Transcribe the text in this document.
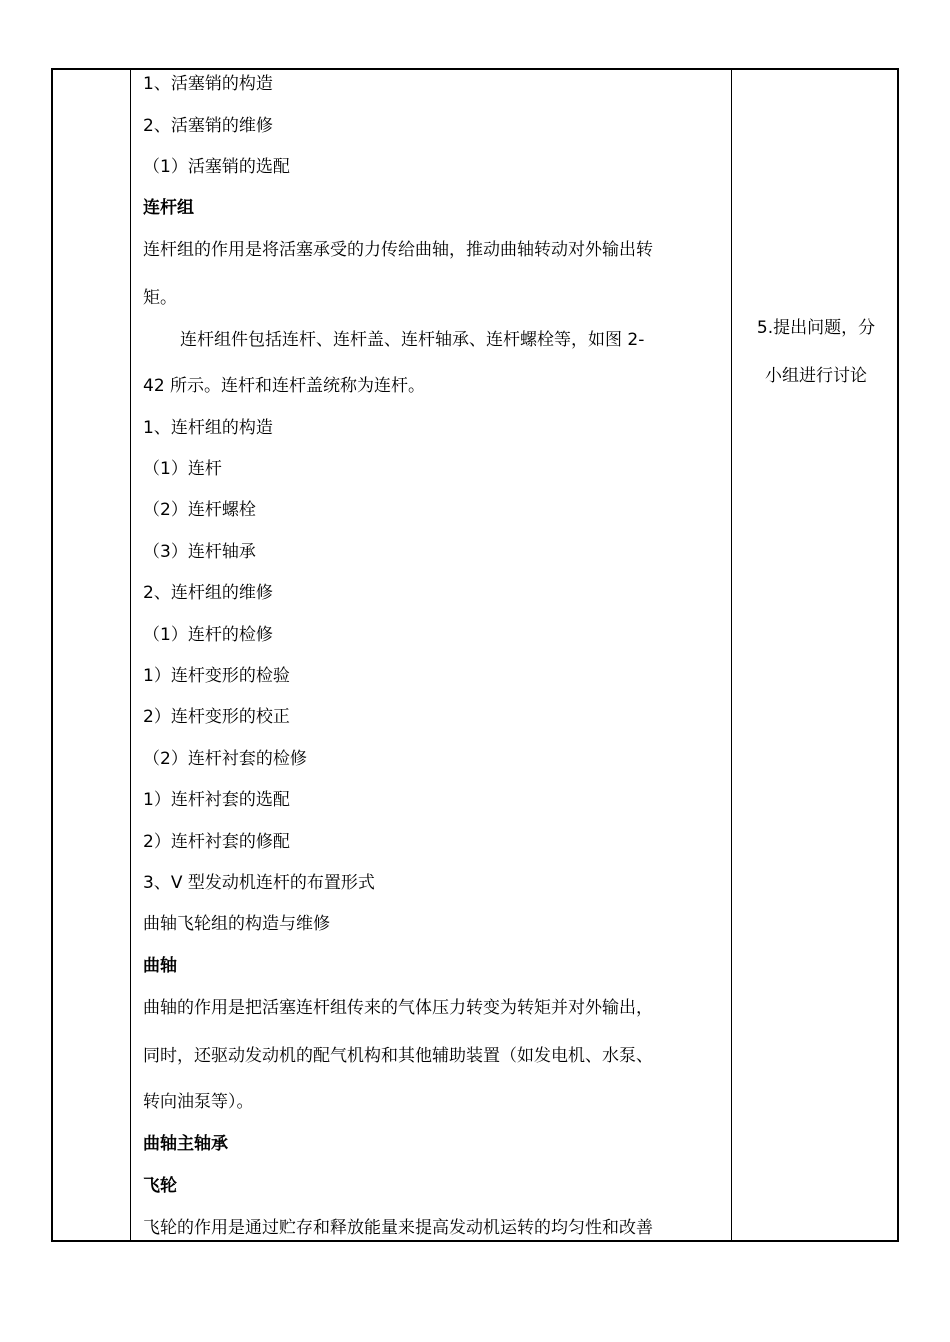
1、活塞销的构造
2、活塞销的维修
（1）活塞销的选配
连杆组
连杆组的作用是将活塞承受的力传给曲轴，推动曲轴转动对外输出转
矩。
连杆组件包括连杆、连杆盖、连杆轴承、连杆螺栓等，如图 2-
42 所示。连杆和连杆盖统称为连杆。
1、连杆组的构造
（1）连杆
（2）连杆螺栓
（3）连杆轴承
2、连杆组的维修
（1）连杆的检修
1）连杆变形的检验
2）连杆变形的校正
（2）连杆衬套的检修
1）连杆衬套的选配
2）连杆衬套的修配
3、V 型发动机连杆的布置形式
曲轴飞轮组的构造与维修
曲轴
曲轴的作用是把活塞连杆组传来的气体压力转变为转矩并对外输出，
同时，还驱动发动机的配气机构和其他辅助装置（如发电机、水泵、
转向油泵等）。
曲轴主轴承
飞轮
飞轮的作用是通过贮存和释放能量来提高发动机运转的均匀性和改善
5.提出问题，分
小组进行讨论
